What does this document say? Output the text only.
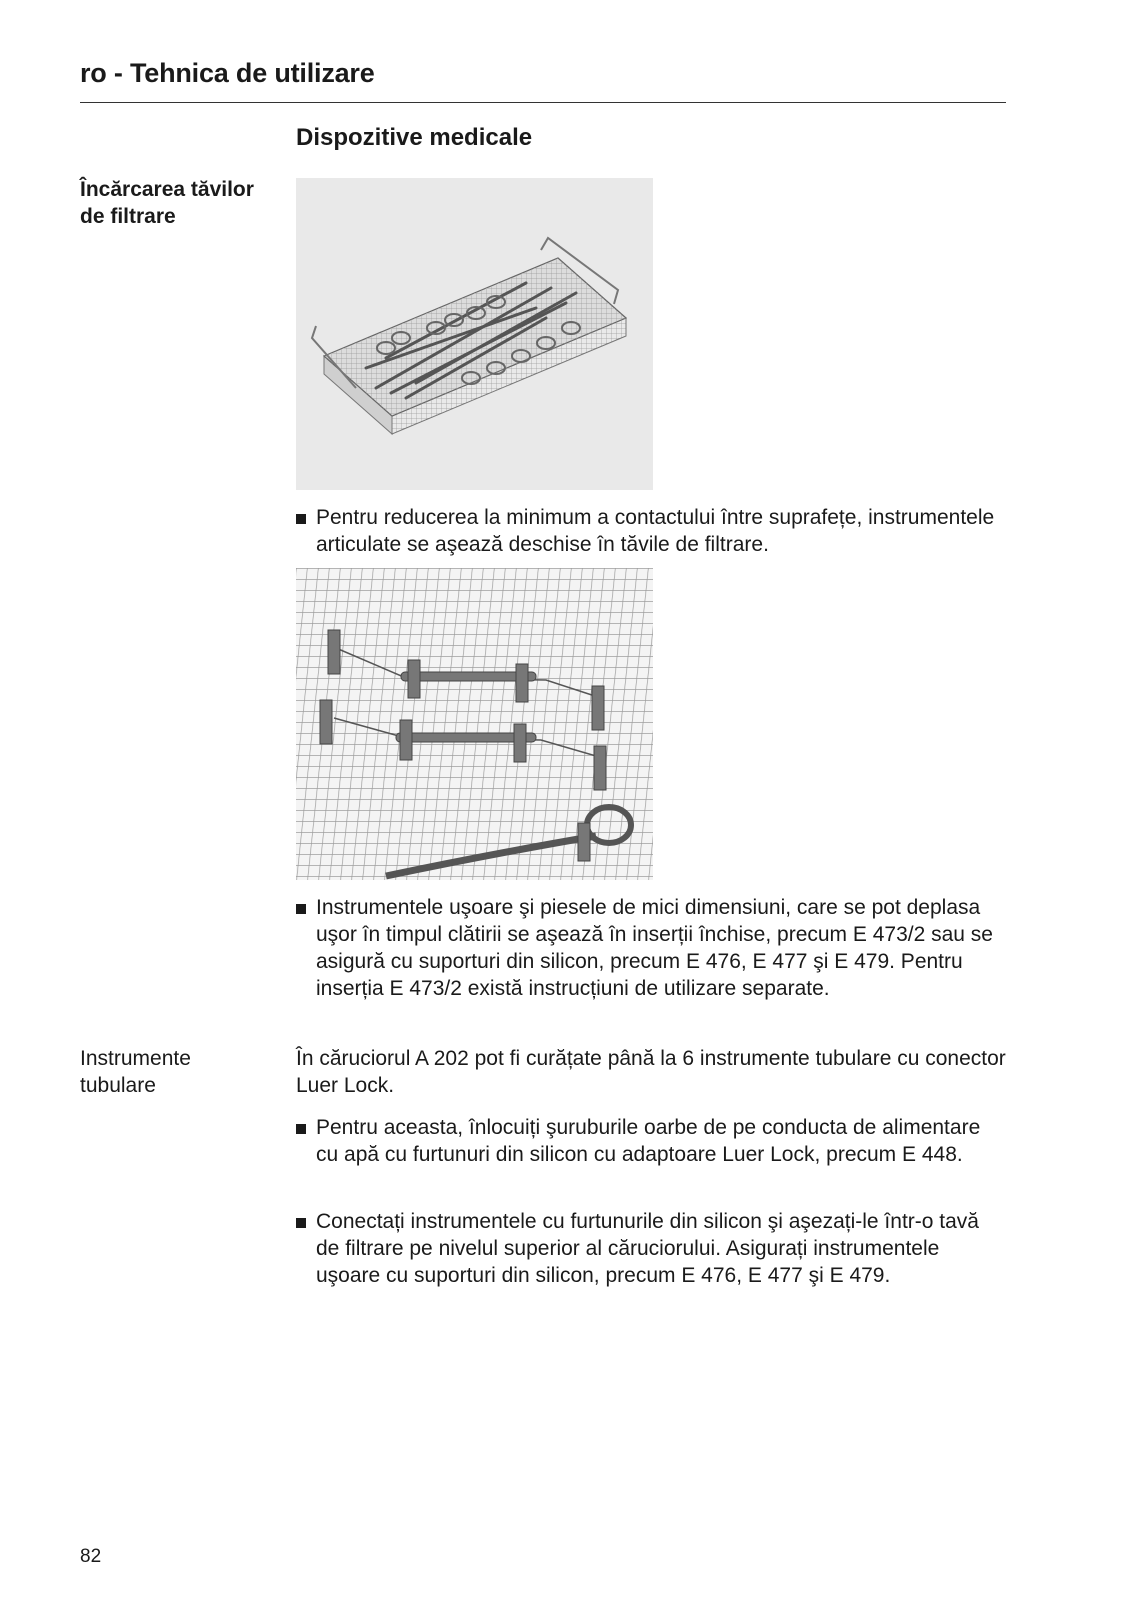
ro - Tehnica de utilizare
Dispozitive medicale
Încărcarea tăvilor de filtrare
Pentru reducerea la minimum a contactului între suprafețe, instrumentele articulate se aşează deschise în tăvile de filtrare.
Instrumentele uşoare şi piesele de mici dimensiuni, care se pot deplasa uşor în timpul clătirii se aşează în inserții închise, precum E 473/2 sau se asigură cu suporturi din silicon, precum E 476, E 477 şi E 479. Pentru inserția E 473/2 există instrucțiuni de utilizare separate.
Instrumente tubulare
În căruciorul A 202 pot fi curățate până la 6 instrumente tubulare cu conector Luer Lock.
Pentru aceasta, înlocuiți şuruburile oarbe de pe conducta de alimentare cu apă cu furtunuri din silicon cu adaptoare Luer Lock, precum E 448.
Conectați instrumentele cu furtunurile din silicon şi aşezați-le într-o tavă de filtrare pe nivelul superior al căruciorului. Asigurați instrumentele uşoare cu suporturi din silicon, precum E 476, E 477 şi E 479.
82
